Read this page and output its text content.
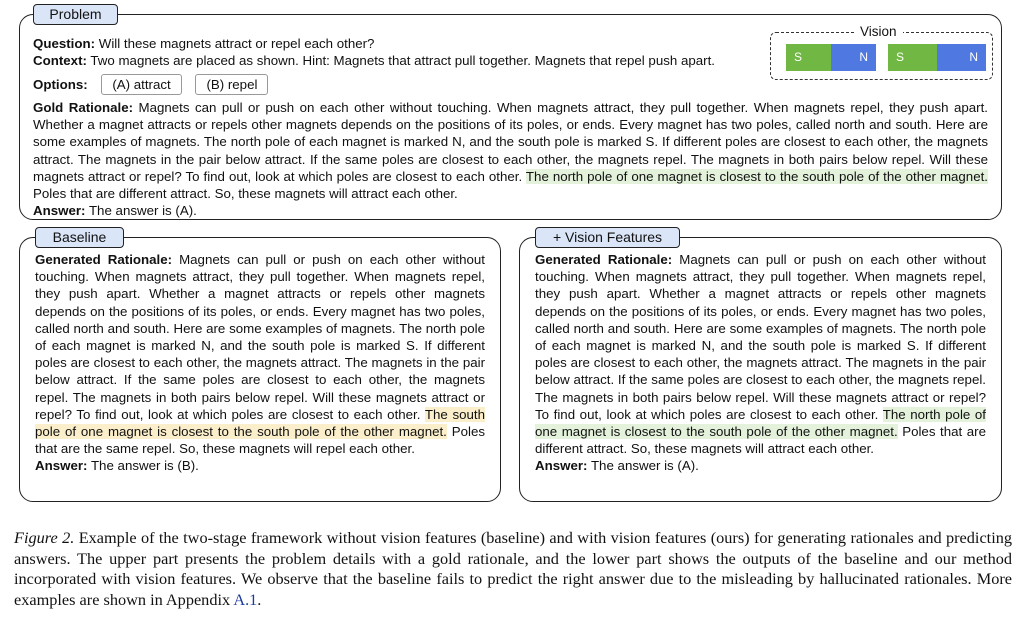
Question: Will these magnets attract or repel each other?
Context: Two magnets are placed as shown. Hint: Magnets that attract pull together. Magnets that repel push apart.
Options: (A) attract	(B) repel
Gold Rationale: Magnets can pull or push on each other without touching. When magnets attract, they pull together. When magnets repel, they push apart. Whether a magnet attracts or repels other magnets depends on the positions of its poles, or ends. Every magnet has two poles, called north and south. Here are some examples of magnets. The north pole of each magnet is marked N, and the south pole is marked S. If different poles are closest to each other, the magnets attract. The magnets in the pair below attract. If the same poles are closest to each other, the magnets repel. The magnets in both pairs below repel. Will these magnets attract or repel? To find out, look at which poles are closest to each other. The north pole of one magnet is closest to the south pole of the other magnet. Poles that are different attract. So, these magnets will attract each other.
Answer: The answer is (A).
Vision
S	N	S	N
Problem
Generated Rationale: Magnets can pull or push on each other without touching. When magnets attract, they pull together. When magnets repel, they push apart. Whether a magnet attracts or repels other magnets depends on the positions of its poles, or ends. Every magnet has two poles, called north and south. Here are some examples of magnets. The north pole of each magnet is marked N, and the south pole is marked S. If different poles are closest to each other, the magnets attract. The magnets in the pair below attract. If the same poles are closest to each other, the magnets repel. The magnets in both pairs below repel. Will these magnets attract or repel? To find out, look at which poles are closest to each other. The south pole of one magnet is closest to the south pole of the other magnet. Poles that are the same repel. So, these magnets will repel each other.
Answer: The answer is (B).
Baseline
Generated Rationale: Magnets can pull or push on each other without touching. When magnets attract, they pull together. When magnets repel, they push apart. Whether a magnet attracts or repels other magnets depends on the positions of its poles, or ends. Every magnet has two poles, called north and south. Here are some examples of magnets. The north pole of each magnet is marked N, and the south pole is marked S. If different poles are closest to each other, the magnets attract. The magnets in the pair below attract. If the same poles are closest to each other, the magnets repel. The magnets in both pairs below repel. Will these magnets attract or repel? To find out, look at which poles are closest to each other. The north pole of one magnet is closest to the south pole of the other magnet. Poles that are different attract. So, these magnets will attract each other.
Answer: The answer is (A).
+ Vision Features
Figure 2. Example of the two-stage framework without vision features (baseline) and with vision features (ours) for generating rationales and predicting answers. The upper part presents the problem details with a gold rationale, and the lower part shows the outputs of the baseline and our method incorporated with vision features. We observe that the baseline fails to predict the right answer due to the misleading by hallucinated rationales. More examples are shown in Appendix A.1.
